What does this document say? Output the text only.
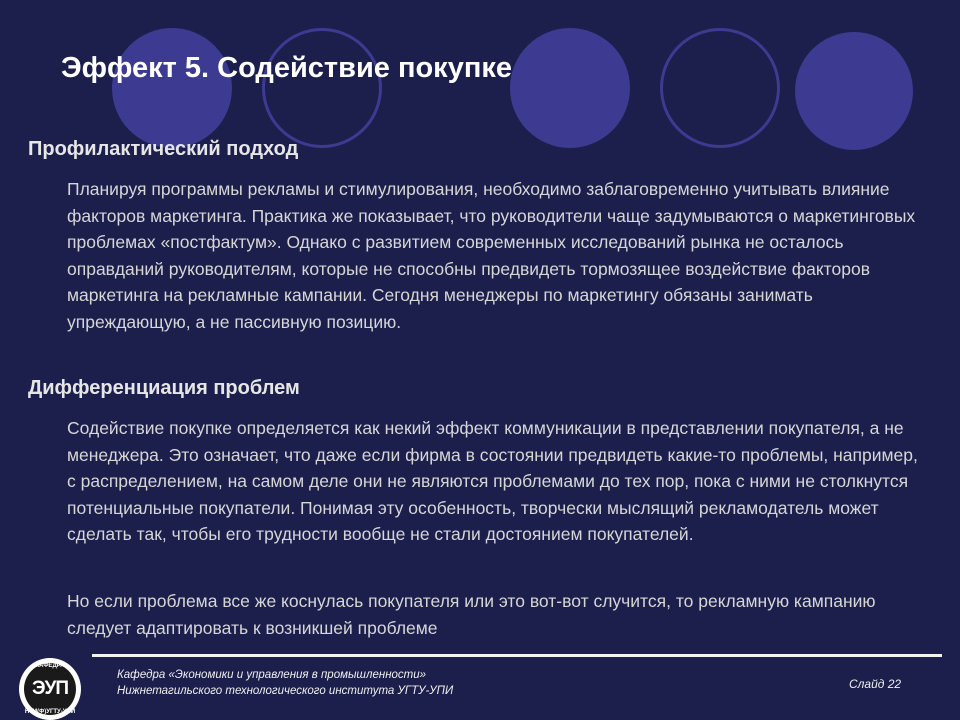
Эффект 5. Содействие покупке
Профилактический подход

Планируя программы рекламы и стимулирования, необходимо заблаговременно учитывать влияние факторов маркетинга. Практика же показывает, что руководители чаще задумываются о маркетинговых проблемах «постфактум». Однако с развитием современных исследований рынка не осталось оправданий руководителям, которые не способны предвидеть тормозящее воздействие факторов маркетинга на рекламные кампании. Сегодня менеджеры по маркетингу обязаны занимать упреждающую, а не пассивную позицию.

Дифференциация проблем

Содействие покупке определяется как некий эффект коммуникации в представлении покупателя, а не менеджера. Это означает, что даже если фирма в состоянии предвидеть какие-то проблемы, например, с распределением, на самом деле они не являются проблемами до тех пор, пока с ними не столкнутся потенциальные покупатели. Понимая эту особенность, творчески мыслящий рекламодатель может сделать так, чтобы его трудности вообще не стали достоянием покупателей.

Но если проблема все же коснулась покупателя или это вот-вот случится, то рекламную кампанию следует адаптировать к возникшей проблеме

ЭУП
КАФЕДРА
НТИ(Ф)УГТУ-УПИ
Кафедра «Экономики и управления в промышленности»
Нижнетагильского технологического института УГТУ-УПИ	Слайд 22
